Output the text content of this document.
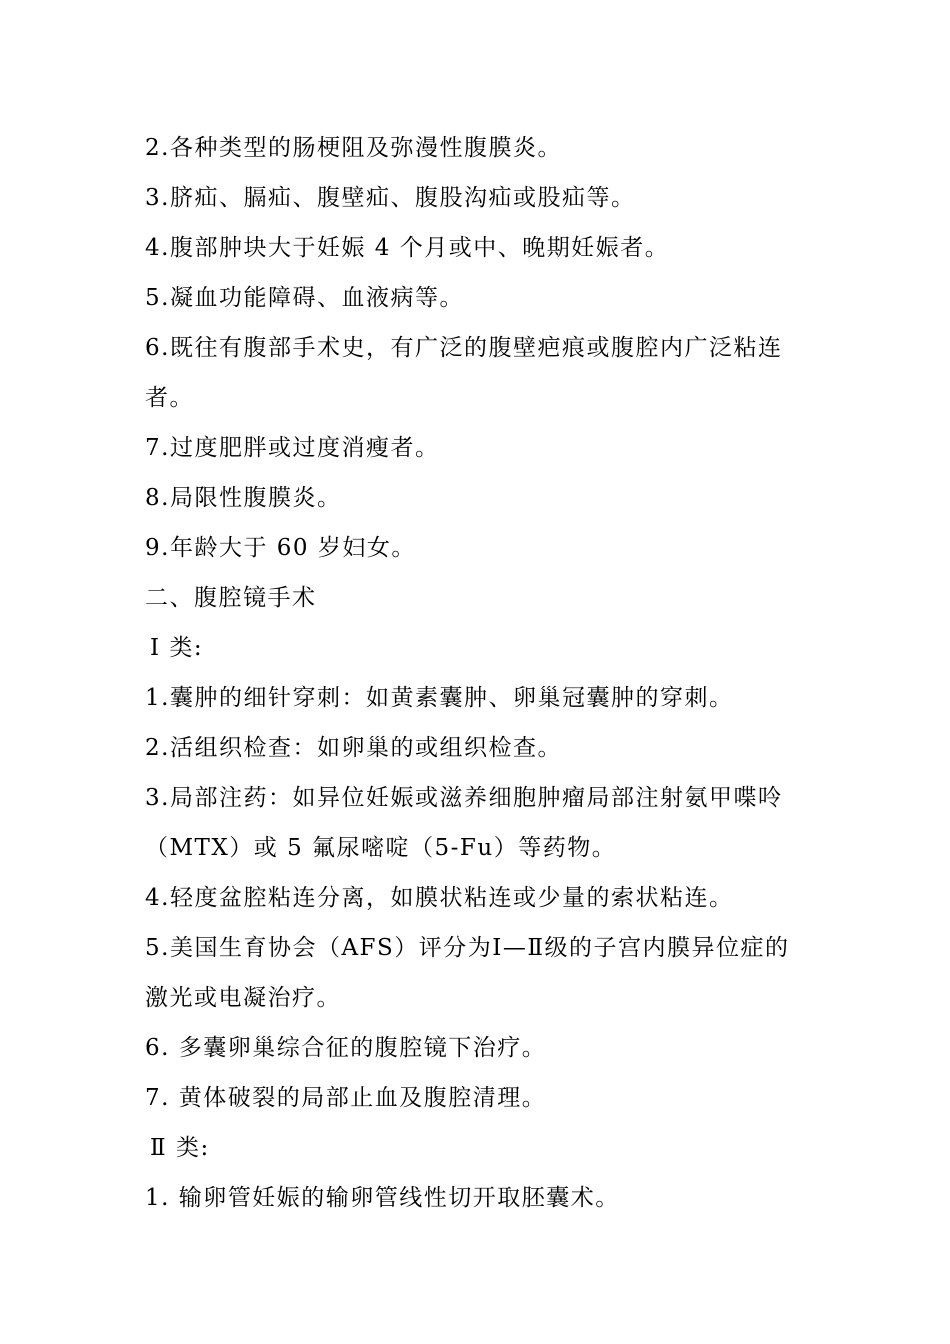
2.各种类型的肠梗阻及弥漫性腹膜炎。
3.脐疝、膈疝、腹壁疝、腹股沟疝或股疝等。
4.腹部肿块大于妊娠 4 个月或中、晚期妊娠者。
5.凝血功能障碍、血液病等。
6.既往有腹部手术史，有广泛的腹壁疤痕或腹腔内广泛粘连
者。
7.过度肥胖或过度消瘦者。
8.局限性腹膜炎。
9.年龄大于 60 岁妇女。
二、腹腔镜手术
Ⅰ 类:
1.囊肿的细针穿刺：如黄素囊肿、卵巢冠囊肿的穿刺。
2.活组织检查：如卵巢的或组织检查。
3.局部注药：如异位妊娠或滋养细胞肿瘤局部注射氨甲喋呤
（MTX）或 5 氟尿嘧啶（5-Fu）等药物。
4.轻度盆腔粘连分离，如膜状粘连或少量的索状粘连。
5.美国生育协会（AFS）评分为Ⅰ—Ⅱ级的子宫内膜异位症的
激光或电凝治疗。
6. 多囊卵巢综合征的腹腔镜下治疗。
7. 黄体破裂的局部止血及腹腔清理。
Ⅱ 类:
1. 输卵管妊娠的输卵管线性切开取胚囊术。
